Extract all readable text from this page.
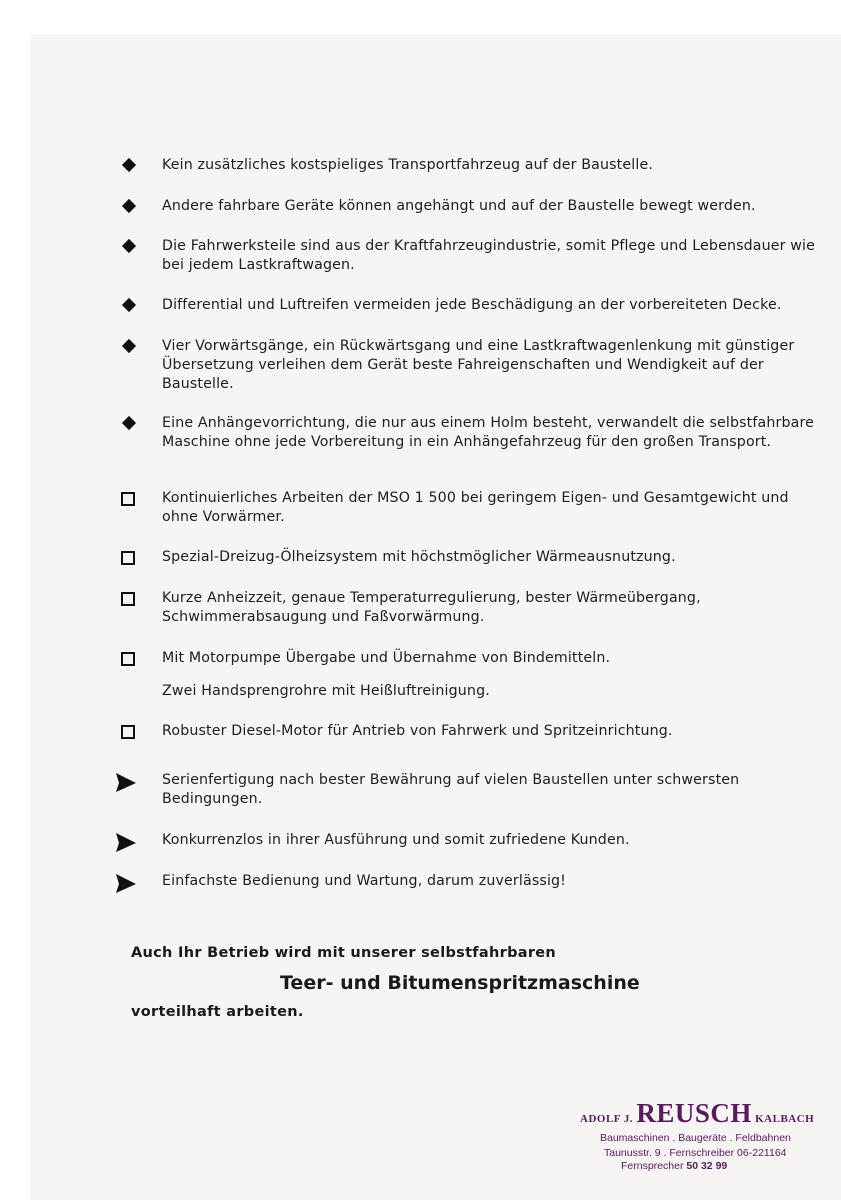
Kein zusätzliches kostspieliges Transportfahrzeug auf der Baustelle.
Andere fahrbare Geräte können angehängt und auf der Baustelle bewegt werden.
Die Fahrwerksteile sind aus der Kraftfahrzeugindustrie, somit Pflege und Lebensdauer wie bei jedem Lastkraftwagen.
Differential und Luftreifen vermeiden jede Beschädigung an der vorbereiteten Decke.
Vier Vorwärtsgänge, ein Rückwärtsgang und eine Lastkraftwagenlenkung mit günstiger Übersetzung verleihen dem Gerät beste Fahreigenschaften und Wendigkeit auf der Baustelle.
Eine Anhängevorrichtung, die nur aus einem Holm besteht, verwandelt die selbstfahrbare Maschine ohne jede Vorbereitung in ein Anhängefahrzeug für den großen Transport.
Kontinuierliches Arbeiten der MSO 1 500 bei geringem Eigen- und Gesamtgewicht und ohne Vorwärmer.
Spezial-Dreizug-Ölheizsystem mit höchstmöglicher Wärmeausnutzung.
Kurze Anheizzeit, genaue Temperaturregulierung, bester Wärmeübergang, Schwimmerabsaugung und Faßvorwärmung.
Mit Motorpumpe Übergabe und Übernahme von Bindemitteln.
Zwei Handsprengrohre mit Heißluftreinigung.
Robuster Diesel-Motor für Antrieb von Fahrwerk und Spritzeinrichtung.
Serienfertigung nach bester Bewährung auf vielen Baustellen unter schwersten Bedingungen.
Konkurrenzlos in ihrer Ausführung und somit zufriedene Kunden.
Einfachste Bedienung und Wartung, darum zuverlässig!
Auch Ihr Betrieb wird mit unserer selbstfahrbaren
Teer- und Bitumenspritzmaschine
vorteilhaft arbeiten.
ADOLF J. REUSCH KALBACH
Baumaschinen . Baugeräte . Feldbahnen
Taunusstr. 9 . Fernschreiber 06-221164
Fernsprecher 50 32 99
